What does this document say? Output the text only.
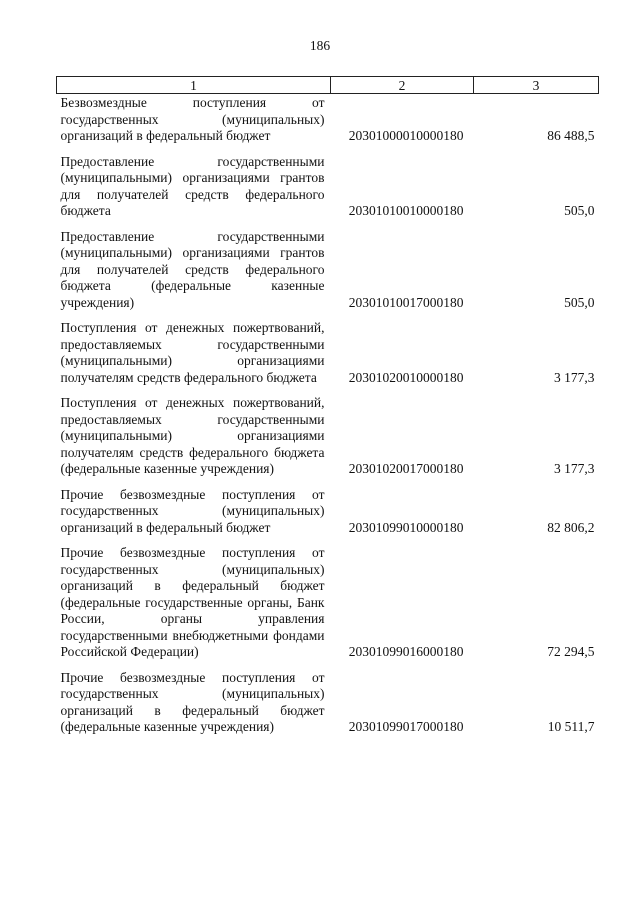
186
1	2	3
Безвозмездные поступления от государственных (муниципальных) организаций в федеральный бюджет	20301000010000180	86 488,5
Предоставление государственными (муниципальными) организациями грантов для получателей средств федерального бюджета	20301010010000180	505,0
Предоставление государственными (муниципальными) организациями грантов для получателей средств федерального бюджета (федеральные казенные учреждения)	20301010017000180	505,0
Поступления от денежных пожертвований, предоставляемых государственными (муниципальными) организациями получателям средств федерального бюджета	20301020010000180	3 177,3
Поступления от денежных пожертвований, предоставляемых государственными (муниципальными) организациями получателям средств федерального бюджета (федеральные казенные учреждения)	20301020017000180	3 177,3
Прочие безвозмездные поступления от государственных (муниципальных) организаций в федеральный бюджет	20301099010000180	82 806,2
Прочие безвозмездные поступления от государственных (муниципальных) организаций в федеральный бюджет (федеральные государственные органы, Банк России, органы управления государственными внебюджетными фондами Российской Федерации)	20301099016000180	72 294,5
Прочие безвозмездные поступления от государственных (муниципальных) организаций в федеральный бюджет (федеральные казенные учреждения)	20301099017000180	10 511,7
